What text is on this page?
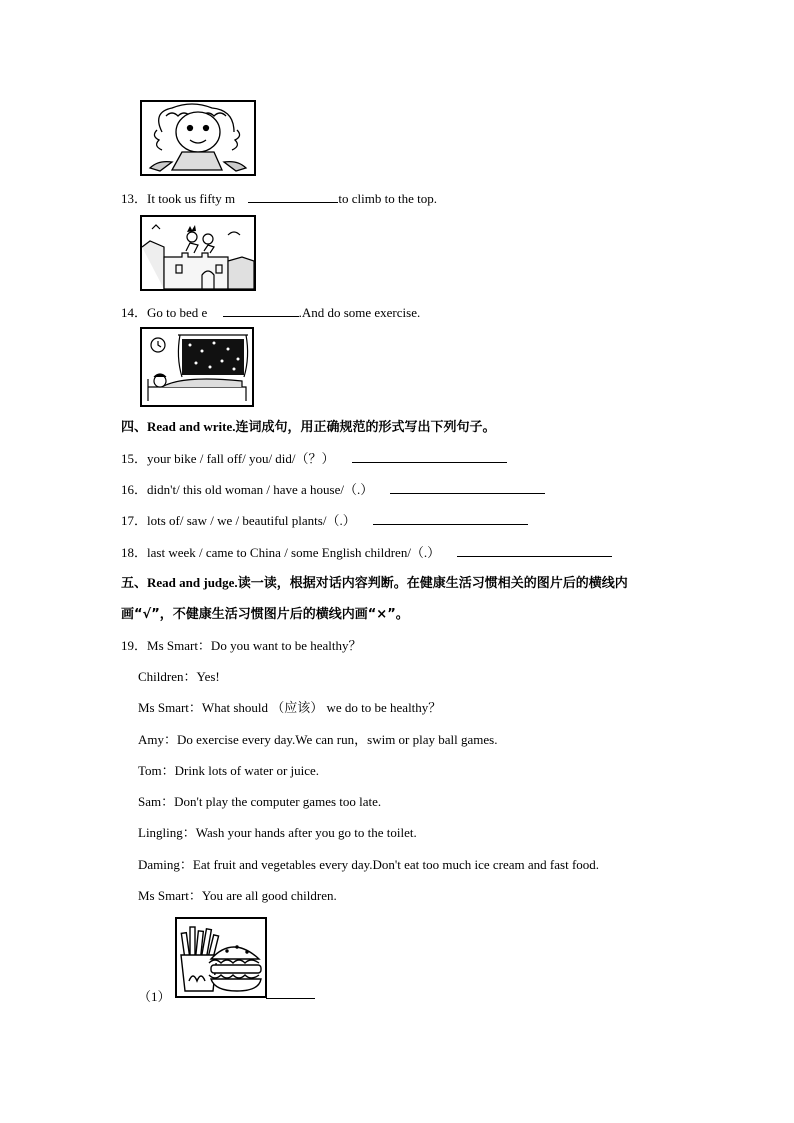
13．It took us fifty m	to climb to the top.
14．Go to bed e	.And do some exercise.
四、Read and write.连词成句，用正确规范的形式写出下列句子。
15．your bike / fall off/ you/ did/（？）
16．didn't/ this old woman / have a house/（.）
17．lots of/ saw / we / beautiful plants/（.）
18．last week / came to China / some English children/（.）
五、Read and judge.读一读，根据对话内容判断。在健康生活习惯相关的图片后的横线内
画“√”，不健康生活习惯图片后的横线内画“×”。
19．Ms Smart：Do you want to be healthy？
Children：Yes!
Ms Smart：What should （应该） we do to be healthy？
Amy：Do exercise every day.We can run，swim or play ball games.
Tom：Drink lots of water or juice.
Sam：Don't play the computer games too late.
Lingling：Wash your hands after you go to the toilet.
Daming：Eat fruit and vegetables every day.Don't eat too much ice cream and fast food.
Ms Smart：You are all good children.
（1）
